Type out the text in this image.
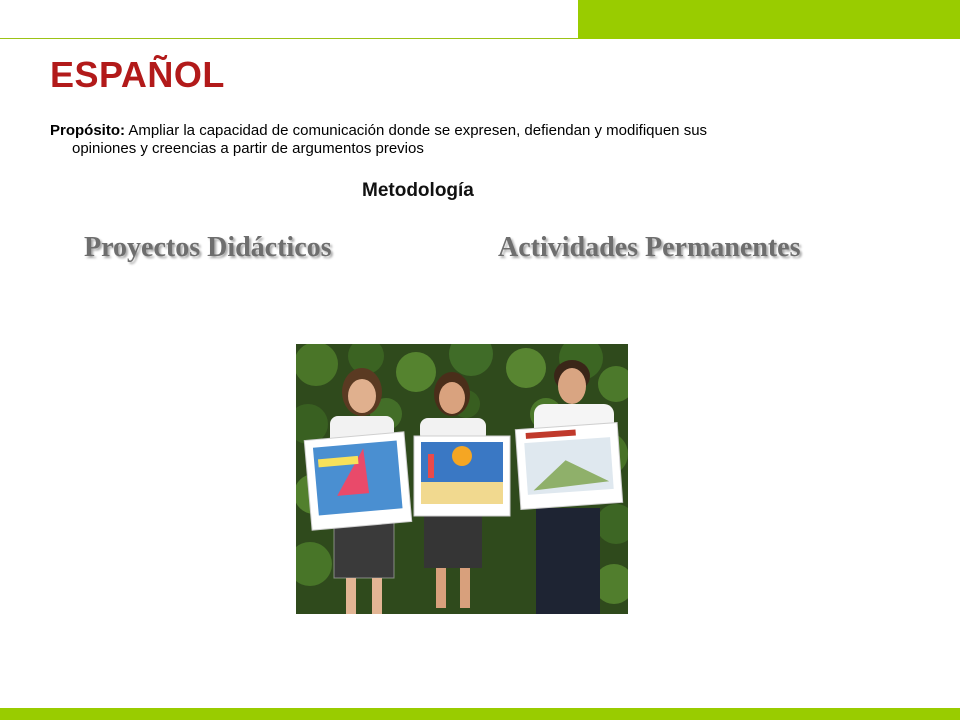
ESPAÑOL
Propósito: Ampliar la capacidad de comunicación donde se expresen, defiendan y modifiquen sus
opiniones y creencias a partir de argumentos previos
Metodología
Proyectos Didácticos	Actividades Permanentes
